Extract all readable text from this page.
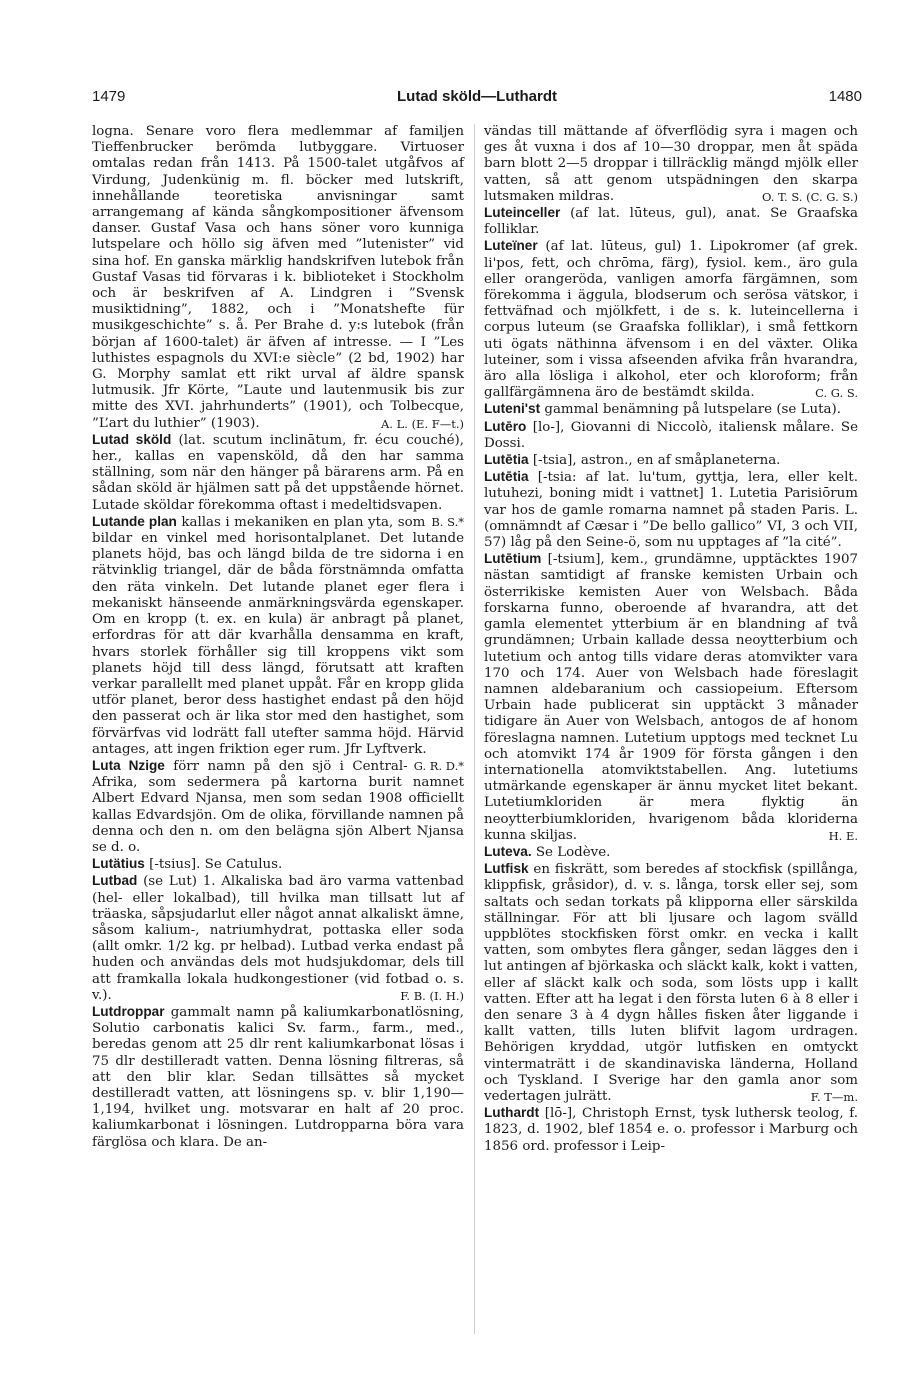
1479	Lutad sköld—Luthardt	1480

logna. Senare voro flera medlemmar af familjen Tieffenbrucker berömda lutbyggare. Virtuoser omtalas redan från 1413. På 1500-talet utgåfvos af Virdung, Judenkünig m. fl. böcker med lutskrift, innehållande teoretiska anvisningar samt arrangemang af kända sångkompositioner äfvensom danser. Gustaf Vasa och hans söner voro kunniga lutspelare och höllo sig äfven med ”lutenister” vid sina hof. En ganska märklig handskrifven lutebok från Gustaf Vasas tid förvaras i k. biblioteket i Stockholm och är beskrifven af A. Lindgren i ”Svensk musiktidning”, 1882, och i ”Monatshefte für musikgeschichte” s. å. Per Brahe d. y:s lutebok (från början af 1600-talet) är äfven af intresse. — I ”Les luthistes espagnols du XVI:e siècle” (2 bd, 1902) har G. Morphy samlat ett rikt urval af äldre spansk lutmusik. Jfr Körte, ”Laute und lautenmusik bis zur mitte des XVI. jahrhunderts” (1901), och Tolbecque, ”L’art du luthier” (1903).	A. L. (E. F—t.)

Lutad sköld (lat. scutum inclinātum, fr. écu couché), her., kallas en vapensköld, då den har samma ställning, som när den hänger på bärarens arm. På en sådan sköld är hjälmen satt på det uppstående hörnet. Lutade sköldar förekomma oftast i medeltidsvapen.
B. S.*

Lutande plan kallas i mekaniken en plan yta, som bildar en vinkel med horisontalplanet. Det lutande planets höjd, bas och längd bilda de tre sidorna i en rätvinklig triangel, där de båda förstnämnda omfatta den räta vinkeln. Det lutande planet eger flera i mekaniskt hänseende anmärkningsvärda egenskaper. Om en kropp (t. ex. en kula) är anbragt på planet, erfordras för att där kvarhålla densamma en kraft, hvars storlek förhåller sig till kroppens vikt som planets höjd till dess längd, förutsatt att kraften verkar parallellt med planet uppåt. Får en kropp glida utför planet, beror dess hastighet endast på den höjd den passerat och är lika stor med den hastighet, som förvärfvas vid lodrätt fall utefter samma höjd. Härvid antages, att ingen friktion eger rum. Jfr Lyftverk.
G. R. D.*

Luta Nzige förr namn på den sjö i Central-Afrika, som sedermera på kartorna burit namnet Albert Edvard Njansa, men som sedan 1908 officiellt kallas Edvardsjön. Om de olika, förvillande namnen på denna och den n. om den belägna sjön Albert Njansa se d. o.

Lutätius [-tsius]. Se Catulus.

Lutbad (se Lut) 1. Alkaliska bad äro varma vattenbad (hel- eller lokalbad), till hvilka man tillsatt lut af träaska, såpsjudarlut eller något annat alkaliskt ämne, såsom kalium-, natriumhydrat, pottaska eller soda (allt omkr. 1/2 kg. pr helbad). Lutbad verka endast på huden och användas dels mot hudsjukdomar, dels till att framkalla lokala hudkongestioner (vid fotbad o. s. v.).	F. B. (I. H.)

Lutdroppar gammalt namn på kaliumkarbonatlösning, Solutio carbonatis kalici Sv. farm., farm., med., beredas genom att 25 dlr rent kaliumkarbonat lösas i 75 dlr destilleradt vatten. Denna lösning filtreras, så att den blir klar. Sedan tillsättes så mycket destilleradt vatten, att lösningens sp. v. blir 1,190—1,194, hvilket ung. motsvarar en halt af 20 proc. kaliumkarbonat i lösningen. Lutdropparna böra vara färglösa och klara. De an-

vändas till mättande af öfverflödig syra i magen och ges åt vuxna i dos af 10—30 droppar, men åt späda barn blott 2—5 droppar i tillräcklig mängd mjölk eller vatten, så att genom utspädningen den skarpa lutsmaken mildras.	O. T. S. (C. G. S.)

Luteinceller (af lat. lūteus, gul), anat. Se Graafska folliklar.

Luteïner (af lat. lūteus, gul) 1. Lipokromer (af grek. li'pos, fett, och chrōma, färg), fysiol. kem., äro gula eller orangeröda, vanligen amorfa färgämnen, som förekomma i äggula, blodserum och serösa vätskor, i fettväfnad och mjölkfett, i de s. k. luteincellerna i corpus luteum (se Graafska folliklar), i små fettkorn uti ögats näthinna äfvensom i en del växter. Olika luteiner, som i vissa afseenden afvika från hvarandra, äro alla lösliga i alkohol, eter och kloroform; från gallfärgämnena äro de bestämdt skilda.	C. G. S.

Luteni'st gammal benämning på lutspelare (se Luta).

Lutēro [lo-], Giovanni di Niccolò, italiensk målare. Se Dossi.

Lutētia [-tsia], astron., en af småplaneterna.

Lutētia [-tsia: af lat. lu'tum, gyttja, lera, eller kelt. lutuhezi, boning midt i vattnet] 1. Lutetia Parisiōrum var hos de gamle romarna namnet på staden Paris. L. (omnämndt af Cæsar i ”De bello gallico” VI, 3 och VII, 57) låg på den Seine-ö, som nu upptages af ”la cité”.

Lutētium [-tsium], kem., grundämne, upptäcktes 1907 nästan samtidigt af franske kemisten Urbain och österrikiske kemisten Auer von Welsbach. Båda forskarna funno, oberoende af hvarandra, att det gamla elementet ytterbium är en blandning af två grundämnen; Urbain kallade dessa neoytterbium och lutetium och antog tills vidare deras atomvikter vara 170 och 174. Auer von Welsbach hade föreslagit namnen aldebaranium och cassiopeium. Eftersom Urbain hade publicerat sin upptäckt 3 månader tidigare än Auer von Welsbach, antogos de af honom föreslagna namnen. Lutetium upptogs med tecknet Lu och atomvikt 174 år 1909 för första gången i den internationella atomviktstabellen. Ang. lutetiums utmärkande egenskaper är ännu mycket litet bekant. Lutetiumkloriden är mera flyktig än neoytterbiumkloriden, hvarigenom båda kloriderna kunna skiljas.	H. E.

Luteva. Se Lodève.

Lutfisk en fiskrätt, som beredes af stockfisk (spillånga, klippfisk, gråsidor), d. v. s. långa, torsk eller sej, som saltats och sedan torkats på klipporna eller särskilda ställningar. För att bli ljusare och lagom svälld uppblötes stockfisken först omkr. en vecka i kallt vatten, som ombytes flera gånger, sedan lägges den i lut antingen af björkaska och släckt kalk, kokt i vatten, eller af släckt kalk och soda, som lösts upp i kallt vatten. Efter att ha legat i den första luten 6 à 8 eller i den senare 3 à 4 dygn hålles fisken åter liggande i kallt vatten, tills luten blifvit lagom urdragen. Behörigen kryddad, utgör lutfisken en omtyckt vintermaträtt i de skandinaviska länderna, Holland och Tyskland. I Sverige har den gamla anor som vedertagen julrätt.	F. T—m.

Luthardt [lō-], Christoph Ernst, tysk luthersk teolog, f. 1823, d. 1902, blef 1854 e. o. professor i Marburg och 1856 ord. professor i Leip-
